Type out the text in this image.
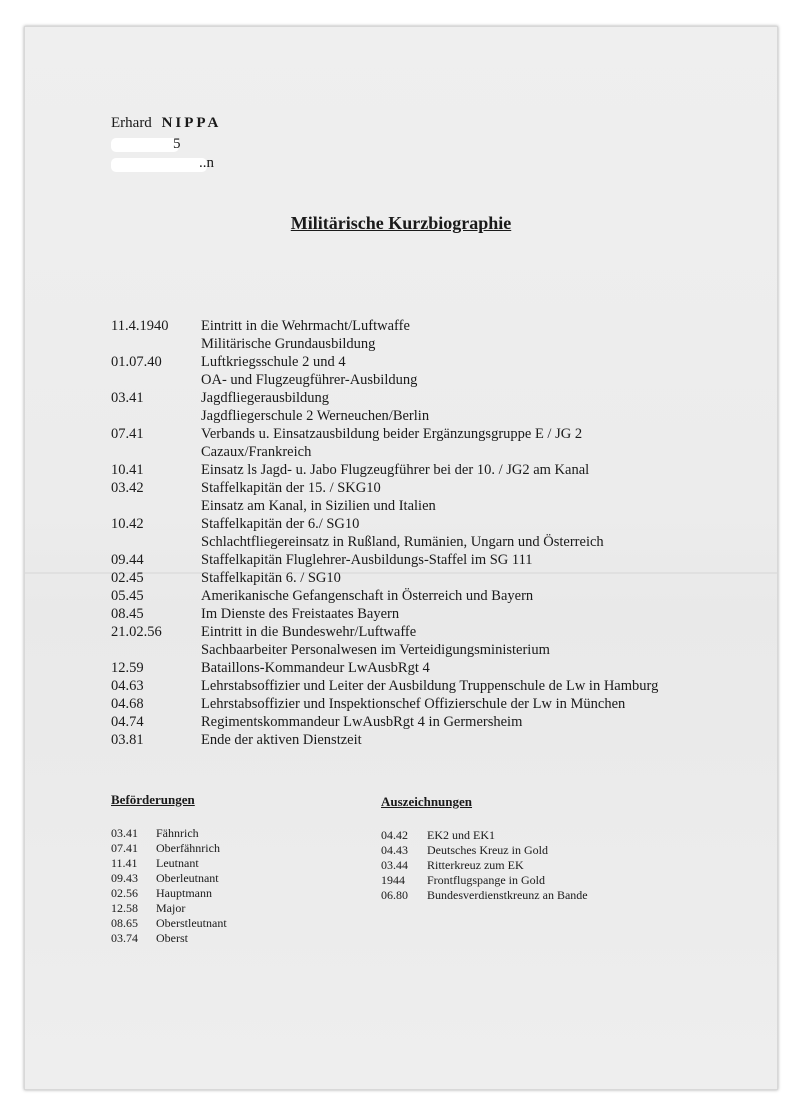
Erhard NIPPA
5
..n
Militärische Kurzbiographie
11.4.1940	Eintritt in die Wehrmacht/Luftwaffe
Militärische Grundausbildung
01.07.40	Luftkriegsschule 2 und 4
OA- und Flugzeugführer-Ausbildung
03.41	Jagdfliegerausbildung
Jagdfliegerschule 2 Werneuchen/Berlin
07.41	Verbands u. Einsatzausbildung beider Ergänzungsgruppe E / JG 2
Cazaux/Frankreich
10.41	Einsatz ls Jagd- u. Jabo Flugzeugführer bei der 10. / JG2 am Kanal
03.42	Staffelkapitän der 15. / SKG10
Einsatz am Kanal, in Sizilien und Italien
10.42	Staffelkapitän der 6./ SG10
Schlachtfliegereinsatz in Rußland, Rumänien, Ungarn und Österreich
09.44	Staffelkapitän Fluglehrer-Ausbildungs-Staffel im SG 111
02.45	Staffelkapitän 6. / SG10
05.45	Amerikanische Gefangenschaft in Österreich und Bayern
08.45	Im Dienste des Freistaates Bayern
21.02.56	Eintritt in die Bundeswehr/Luftwaffe
Sachbaarbeiter Personalwesen im Verteidigungsministerium
12.59	Bataillons-Kommandeur LwAusbRgt 4
04.63	Lehrstabsoffizier und Leiter der Ausbildung Truppenschule de Lw in Hamburg
04.68	Lehrstabsoffizier und Inspektionschef Offizierschule der Lw in München
04.74	Regimentskommandeur LwAusbRgt 4 in Germersheim
03.81	Ende der aktiven Dienstzeit
Beförderungen
03.41	Fähnrich
07.41	Oberfähnrich
11.41	Leutnant
09.43	Oberleutnant
02.56	Hauptmann
12.58	Major
08.65	Oberstleutnant
03.74	Oberst
Auszeichnungen
04.42	EK2 und EK1
04.43	Deutsches Kreuz in Gold
03.44	Ritterkreuz zum EK
1944	Frontflugspange in Gold
06.80	Bundesverdienstkreunz an Bande
